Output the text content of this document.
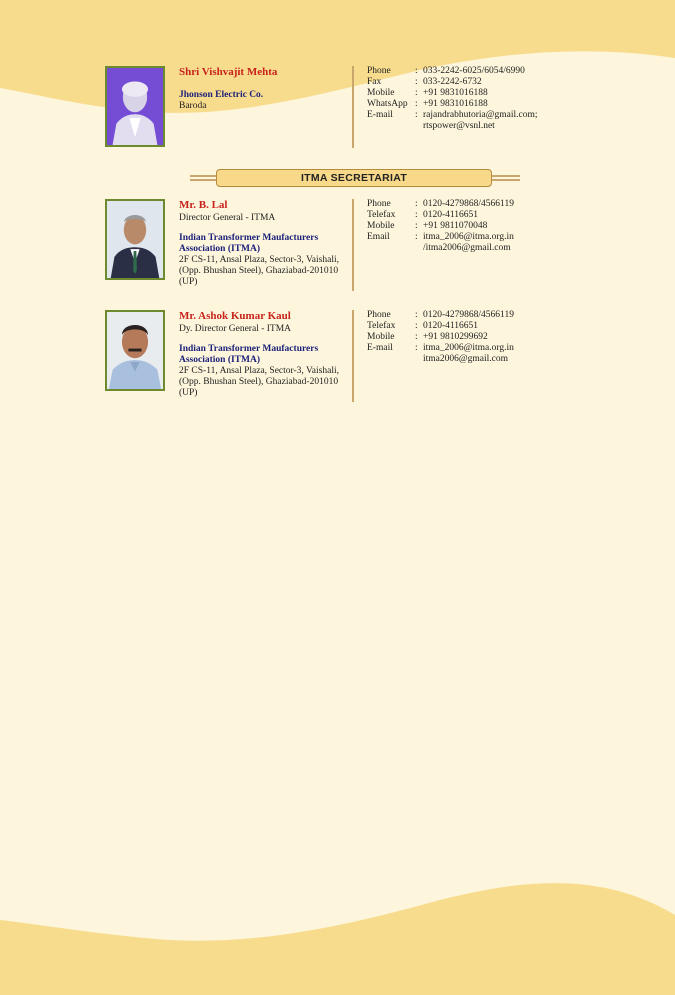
Shri Vishvajit Mehta
Jhonson Electric Co.
Baroda
Phone	: 033-2242-6025/6054/6990
Fax	: 033-2242-6732
Mobile	: +91 9831016188
WhatsApp : +91 9831016188
E-mail	: rajandrabhutoria@gmail.com;
rtspower@vsnl.net
ITMA SECRETARIAT
Mr. B. Lal
Director General - ITMA
Indian Transformer Maufacturers Association (ITMA)
2F CS-11, Ansal Plaza, Sector-3, Vaishali, (Opp. Bhushan Steel), Ghaziabad-201010 (UP)
Phone	: 0120-4279868/4566119
Telefax	: 0120-4116651
Mobile	: +91 9811070048
Email	: itma_2006@itma.org.in
/itma2006@gmail.com
Mr. Ashok Kumar Kaul
Dy. Director General - ITMA
Indian Transformer Maufacturers Association (ITMA)
2F CS-11, Ansal Plaza, Sector-3, Vaishali, (Opp. Bhushan Steel), Ghaziabad-201010 (UP)
Phone	: 0120-4279868/4566119
Telefax	: 0120-4116651
Mobile	: +91 9810299692
E-mail	: itma_2006@itma.org.in
itma2006@gmail.com
